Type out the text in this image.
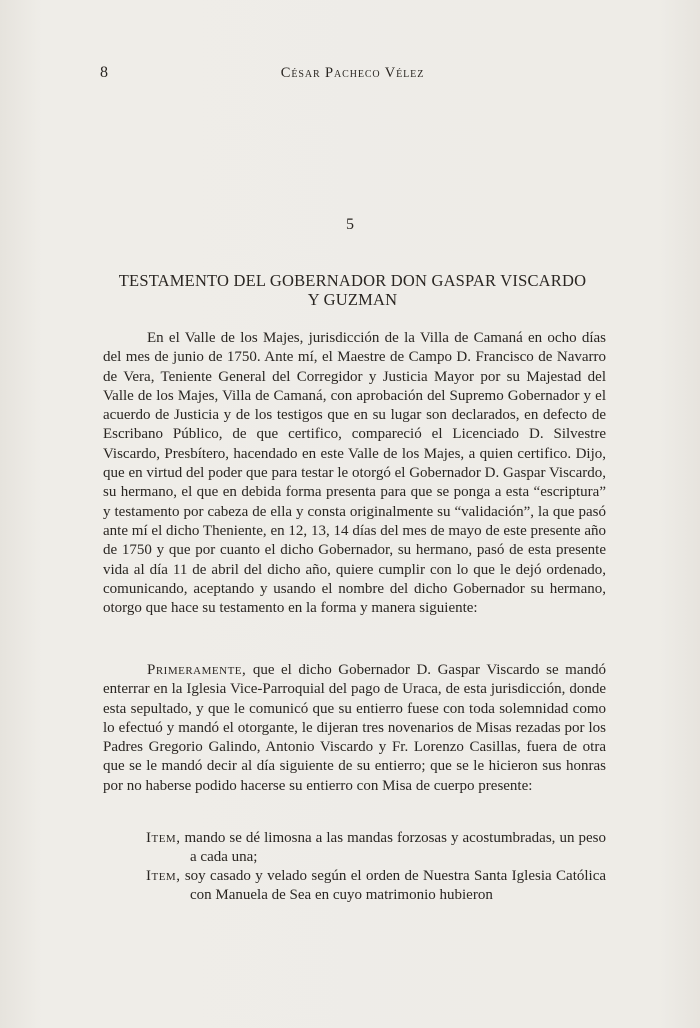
8	César Pacheco Vélez
5
TESTAMENTO DEL GOBERNADOR DON GASPAR VISCARDO
Y GUZMAN

En el Valle de los Majes, jurisdicción de la Villa de Camaná en ocho días del mes de junio de 1750. Ante mí, el Maestre de Campo D. Francisco de Navarro de Vera, Teniente General del Corregidor y Justicia Mayor por su Majestad del Valle de los Majes, Villa de Camaná, con aprobación del Supremo Gobernador y el acuerdo de Justicia y de los testigos que en su lugar son declarados, en defecto de Escribano Público, de que certifico, compareció el Licenciado D. Silvestre Viscardo, Presbítero, hacendado en este Valle de los Majes, a quien certifico. Dijo, que en virtud del poder que para testar le otorgó el Gobernador D. Gaspar Viscardo, su hermano, el que en debida forma presenta para que se ponga a esta “escriptura” y testamento por cabeza de ella y consta originalmente su “validación”, la que pasó ante mí el dicho Theniente, en 12, 13, 14 días del mes de mayo de este presente año de 1750 y que por cuanto el dicho Gobernador, su hermano, pasó de esta presente vida al día 11 de abril del dicho año, quiere cumplir con lo que le dejó ordenado, comunicando, aceptando y usando el nombre del dicho Gobernador su hermano, otorgo que hace su testamento en la forma y manera siguiente:

Primeramente, que el dicho Gobernador D. Gaspar Viscardo se mandó enterrar en la Iglesia Vice-Parroquial del pago de Uraca, de esta jurisdicción, donde esta sepultado, y que le comunicó que su entierro fuese con toda solemnidad como lo efectuó y mandó el otorgante, le dijeran tres novenarios de Misas rezadas por los Padres Gregorio Galindo, Antonio Viscardo y Fr. Lorenzo Casillas, fuera de otra que se le mandó decir al día siguiente de su entierro; que se le hicieron sus honras por no haberse podido hacerse su entierro con Misa de cuerpo presente:

Item, mando se dé limosna a las mandas forzosas y acostumbradas, un peso a cada una;
Item, soy casado y velado según el orden de Nuestra Santa Iglesia Católica con Manuela de Sea en cuyo matrimonio hubieron
